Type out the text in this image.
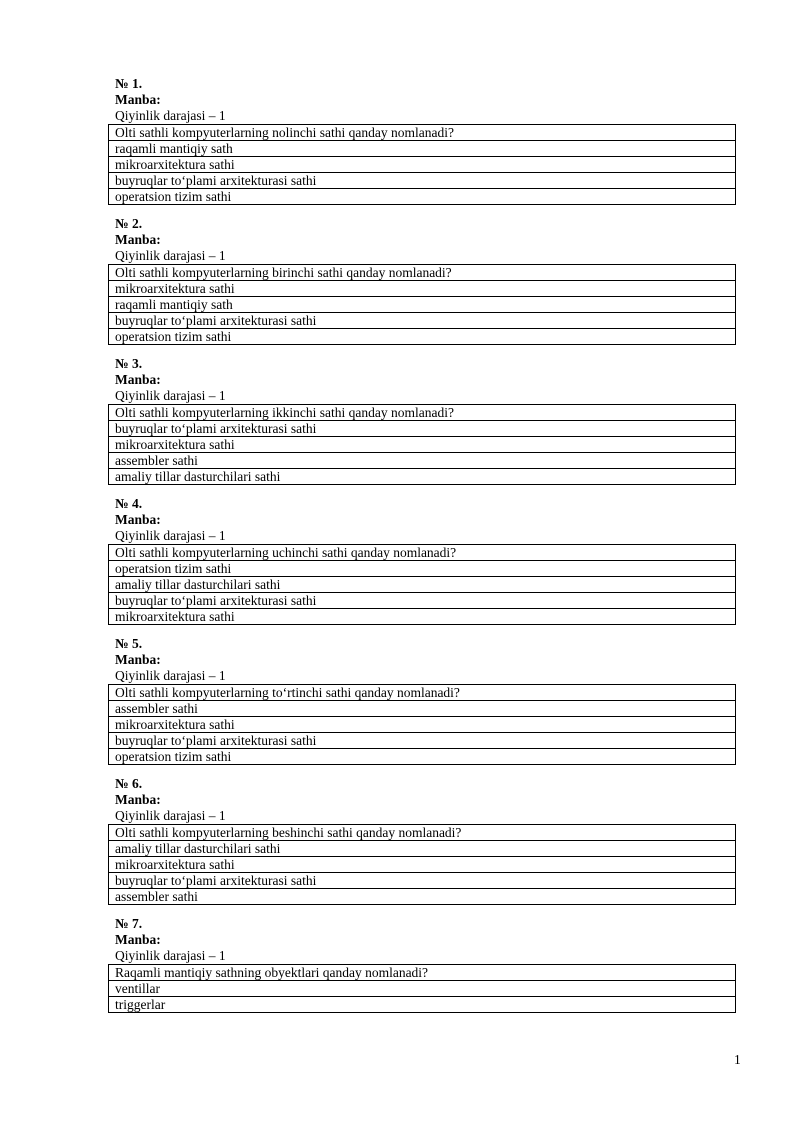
№ 1.
Manba:
Qiyinlik darajasi – 1
Olti sathli kompyuterlarning nolinchi sathi qanday nomlanadi?
raqamli mantiqiy sath
mikroarxitektura sathi
buyruqlar to‘plami arxitekturasi sathi
operatsion tizim sathi
№ 2.
Manba:
Qiyinlik darajasi – 1
Olti sathli kompyuterlarning birinchi sathi qanday nomlanadi?
mikroarxitektura sathi
raqamli mantiqiy sath
buyruqlar to‘plami arxitekturasi sathi
operatsion tizim sathi
№ 3.
Manba:
Qiyinlik darajasi – 1
Olti sathli kompyuterlarning ikkinchi sathi qanday nomlanadi?
buyruqlar to‘plami arxitekturasi sathi
mikroarxitektura sathi
assembler sathi
amaliy tillar dasturchilari sathi
№ 4.
Manba:
Qiyinlik darajasi – 1
Olti sathli kompyuterlarning uchinchi sathi qanday nomlanadi?
operatsion tizim sathi
amaliy tillar dasturchilari sathi
buyruqlar to‘plami arxitekturasi sathi
mikroarxitektura sathi
№ 5.
Manba:
Qiyinlik darajasi – 1
Olti sathli kompyuterlarning to‘rtinchi sathi qanday nomlanadi?
assembler sathi
mikroarxitektura sathi
buyruqlar to‘plami arxitekturasi sathi
operatsion tizim sathi
№ 6.
Manba:
Qiyinlik darajasi – 1
Olti sathli kompyuterlarning beshinchi sathi qanday nomlanadi?
amaliy tillar dasturchilari sathi
mikroarxitektura sathi
buyruqlar to‘plami arxitekturasi sathi
assembler sathi
№ 7.
Manba:
Qiyinlik darajasi – 1
Raqamli mantiqiy sathning obyektlari qanday nomlanadi?
ventillar
triggerlar
1
